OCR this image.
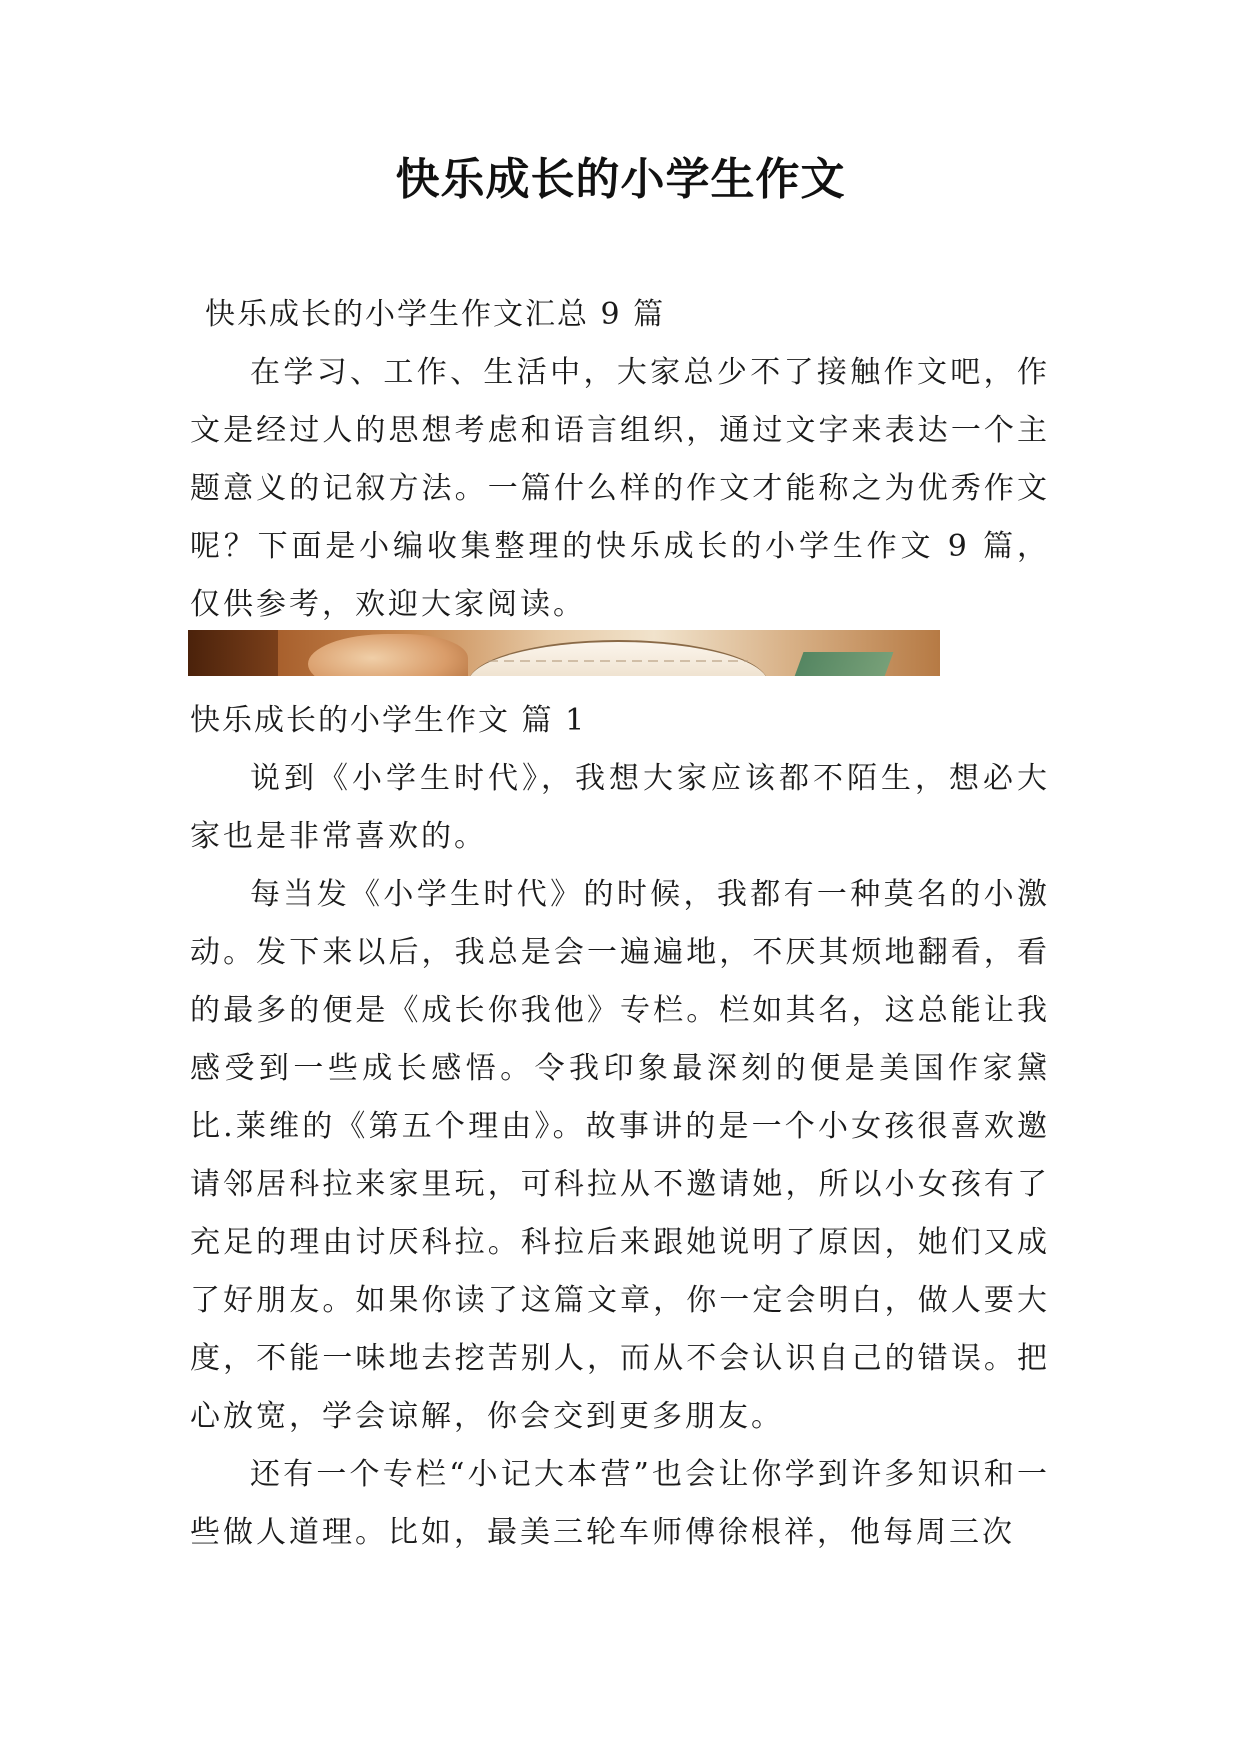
快乐成长的小学生作文
快乐成长的小学生作文汇总 9 篇

在学习、工作、生活中，大家总少不了接触作文吧，作文是经过人的思想考虑和语言组织，通过文字来表达一个主题意义的记叙方法。一篇什么样的作文才能称之为优秀作文呢？下面是小编收集整理的快乐成长的小学生作文 9 篇，仅供参考，欢迎大家阅读。

快乐成长的小学生作文 篇 1

说到《小学生时代》，我想大家应该都不陌生，想必大家也是非常喜欢的。

每当发《小学生时代》的时候，我都有一种莫名的小激动。发下来以后，我总是会一遍遍地，不厌其烦地翻看，看的最多的便是《成长你我他》专栏。栏如其名，这总能让我感受到一些成长感悟。令我印象最深刻的便是美国作家黛比.莱维的《第五个理由》。故事讲的是一个小女孩很喜欢邀请邻居科拉来家里玩，可科拉从不邀请她，所以小女孩有了充足的理由讨厌科拉。科拉后来跟她说明了原因，她们又成了好朋友。如果你读了这篇文章，你一定会明白，做人要大度，不能一味地去挖苦别人，而从不会认识自己的错误。把心放宽，学会谅解，你会交到更多朋友。

还有一个专栏“小记大本营”也会让你学到许多知识和一些做人道理。比如，最美三轮车师傅徐根祥，他每周三次
